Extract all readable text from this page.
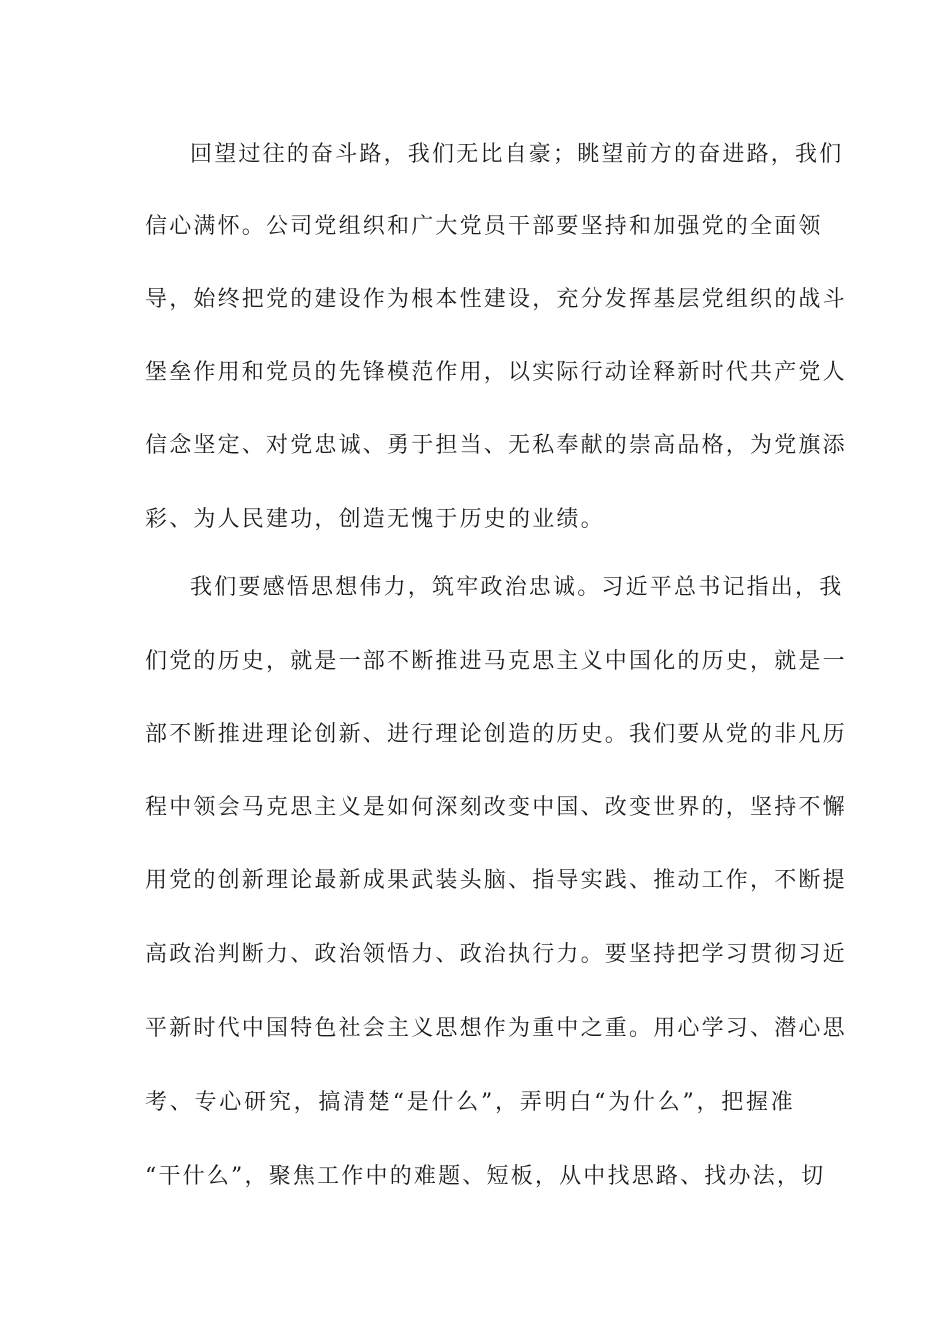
回望过往的奋斗路，我们无比自豪；眺望前方的奋进路，我们
信心满怀。公司党组织和广大党员干部要坚持和加强党的全面领
导，始终把党的建设作为根本性建设，充分发挥基层党组织的战斗
堡垒作用和党员的先锋模范作用，以实际行动诠释新时代共产党人
信念坚定、对党忠诚、勇于担当、无私奉献的崇高品格，为党旗添
彩、为人民建功，创造无愧于历史的业绩。
我们要感悟思想伟力，筑牢政治忠诚。习近平总书记指出，我
们党的历史，就是一部不断推进马克思主义中国化的历史，就是一
部不断推进理论创新、进行理论创造的历史。我们要从党的非凡历
程中领会马克思主义是如何深刻改变中国、改变世界的，坚持不懈
用党的创新理论最新成果武装头脑、指导实践、推动工作，不断提
高政治判断力、政治领悟力、政治执行力。要坚持把学习贯彻习近
平新时代中国特色社会主义思想作为重中之重。用心学习、潜心思
考、专心研究，搞清楚“是什么”，弄明白“为什么”，把握准
“干什么”，聚焦工作中的难题、短板，从中找思路、找办法，切
